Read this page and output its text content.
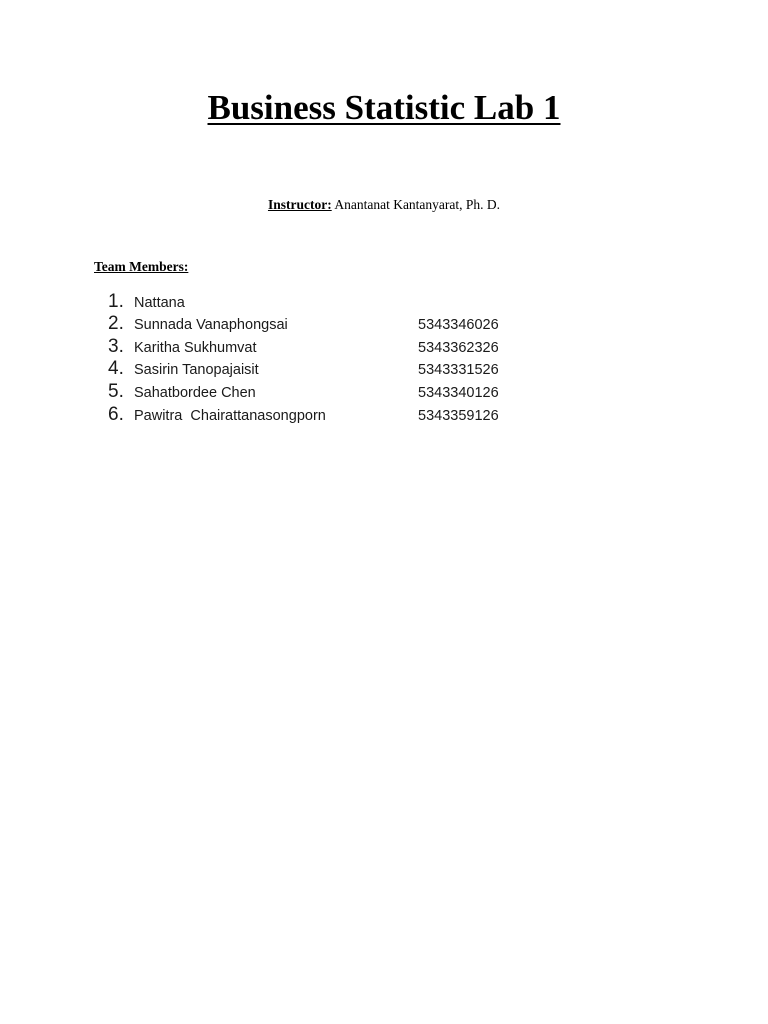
Business Statistic Lab 1
Instructor: Anantanat Kantanyarat, Ph. D.
Team Members:
1. Nattana
2. Sunnada Vanaphongsai	5343346026
3. Karitha Sukhumvat	5343362326
4. Sasirin Tanopajaisit	5343331526
5. Sahatbordee Chen	5343340126
6. Pawitra  Chairattanasongporn	5343359126
